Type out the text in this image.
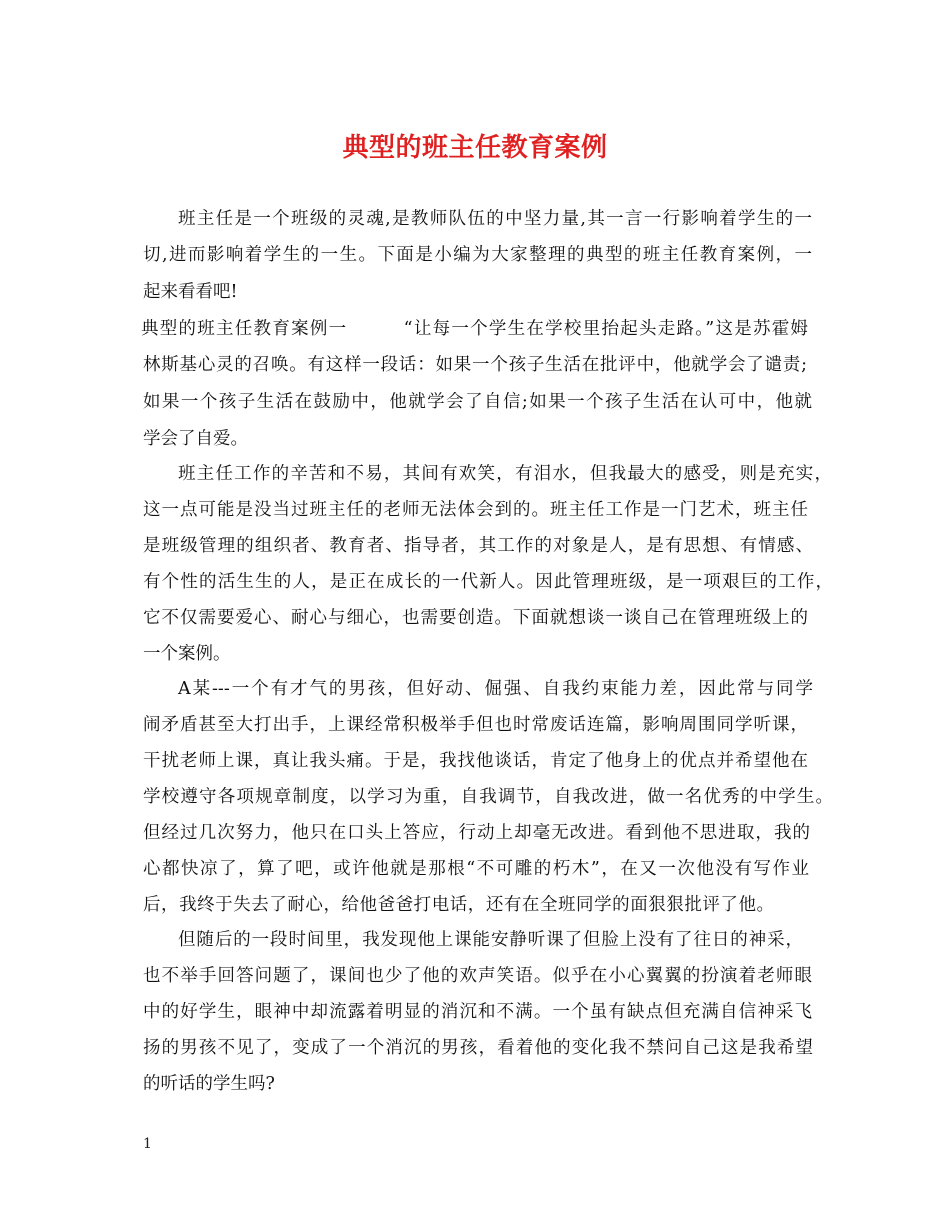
典型的班主任教育案例
班主任是一个班级的灵魂,是教师队伍的中坚力量,其一言一行影响着学生的一
切,进而影响着学生的一生。下面是小编为大家整理的典型的班主任教育案例，一
起来看看吧!
典型的班主任教育案例一　　　“让每一个学生在学校里抬起头走路。”这是苏霍姆
林斯基心灵的召唤。有这样一段话：如果一个孩子生活在批评中，他就学会了谴责;
如果一个孩子生活在鼓励中，他就学会了自信;如果一个孩子生活在认可中，他就
学会了自爱。
班主任工作的辛苦和不易，其间有欢笑，有泪水，但我最大的感受，则是充实，
这一点可能是没当过班主任的老师无法体会到的。班主任工作是一门艺术，班主任
是班级管理的组织者、教育者、指导者，其工作的对象是人，是有思想、有情感、
有个性的活生生的人，是正在成长的一代新人。因此管理班级，是一项艰巨的工作，
它不仅需要爱心、耐心与细心，也需要创造。下面就想谈一谈自己在管理班级上的
一个案例。
A某---一个有才气的男孩，但好动、倔强、自我约束能力差，因此常与同学
闹矛盾甚至大打出手，上课经常积极举手但也时常废话连篇，影响周围同学听课，
干扰老师上课，真让我头痛。于是，我找他谈话，肯定了他身上的优点并希望他在
学校遵守各项规章制度，以学习为重，自我调节，自我改进，做一名优秀的中学生。
但经过几次努力，他只在口头上答应，行动上却毫无改进。看到他不思进取，我的
心都快凉了，算了吧，或许他就是那根“不可雕的朽木”，在又一次他没有写作业
后，我终于失去了耐心，给他爸爸打电话，还有在全班同学的面狠狠批评了他。
但随后的一段时间里，我发现他上课能安静听课了但脸上没有了往日的神采，
也不举手回答问题了，课间也少了他的欢声笑语。似乎在小心翼翼的扮演着老师眼
中的好学生，眼神中却流露着明显的消沉和不满。一个虽有缺点但充满自信神采飞
扬的男孩不见了，变成了一个消沉的男孩，看着他的变化我不禁问自己这是我希望
的听话的学生吗?
1
